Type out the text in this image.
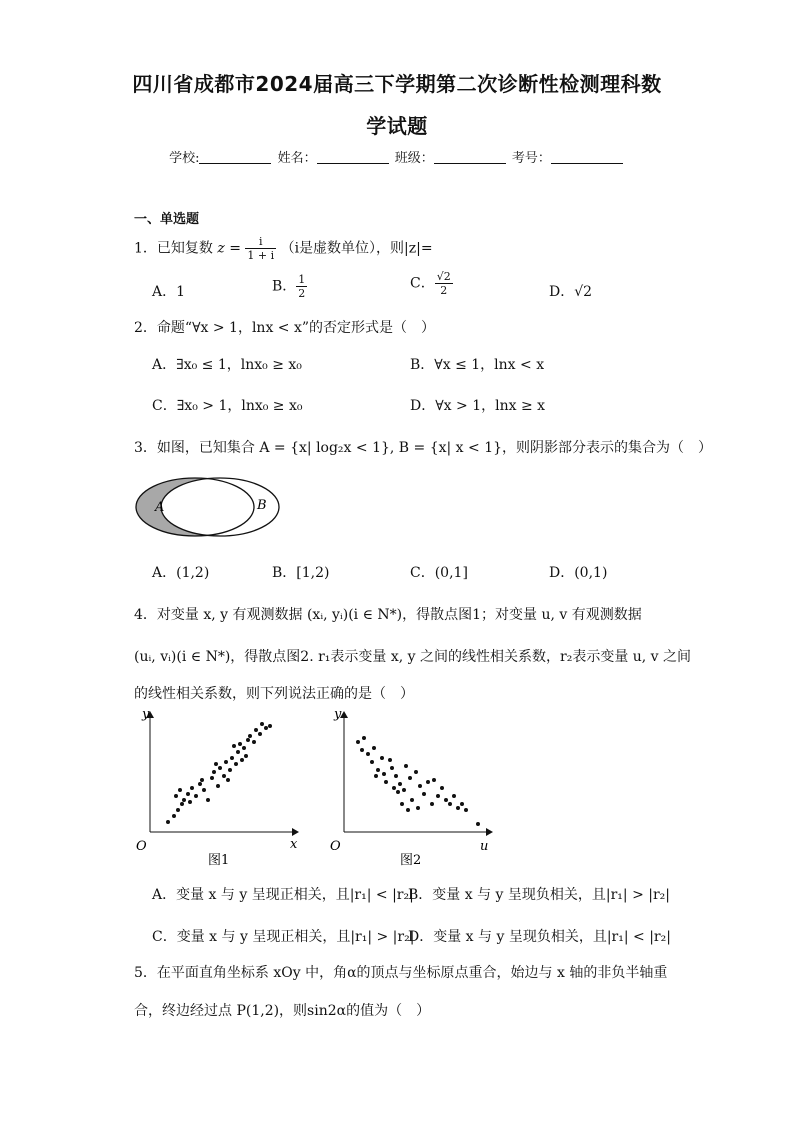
四川省成都市2024届高三下学期第二次诊断性检测理科数
学试题
学校:	姓名：	班级：	考号：
一、单选题
1．已知复数 $z = \frac{i}{1 + i} (i$是虚数单位），则|z|=
A．1	B． $\frac{1}{2}$	C． $\frac{√2}{2}$	D．√2
2．命题“∀x > 1，lnx < x”的否定形式是（　）
A．∃x₀ ≤ 1，lnx₀ ≥ x₀	B．∀x ≤ 1，lnx < x
C．∃x₀ > 1，lnx₀ ≥ x₀	D．∀x > 1，lnx ≥ x
3．如图，已知集合 A = {x| log₂x < 1}, B = {x| x < 1}，则阴影部分表示的集合为（　）
A	B
A．(1,2)	B．[1,2)	C．(0,1]	D．(0,1)
4．对变量 x, y 有观测数据 (xᵢ, yᵢ)(i ∈ N*)，得散点图1；对变量 u, v 有观测数据
(uᵢ, vᵢ)(i ∈ N*)，得散点图2. r₁表示变量 x, y 之间的线性相关系数，r₂表示变量 u, v 之间
的线性相关系数，则下列说法正确的是（　）
y
x
O
图1
y
u
O
图2
A．变量 x 与 y 呈现正相关，且|r₁| < |r₂|
B．变量 x 与 y 呈现负相关，且|r₁| > |r₂|
C．变量 x 与 y 呈现正相关，且|r₁| > |r₂|
D．变量 x 与 y 呈现负相关，且|r₁| < |r₂|
5．在平面直角坐标系 xOy 中，角α的顶点与坐标原点重合，始边与 x 轴的非负半轴重
合，终边经过点 P(1,2)，则sin2α的值为（　）
